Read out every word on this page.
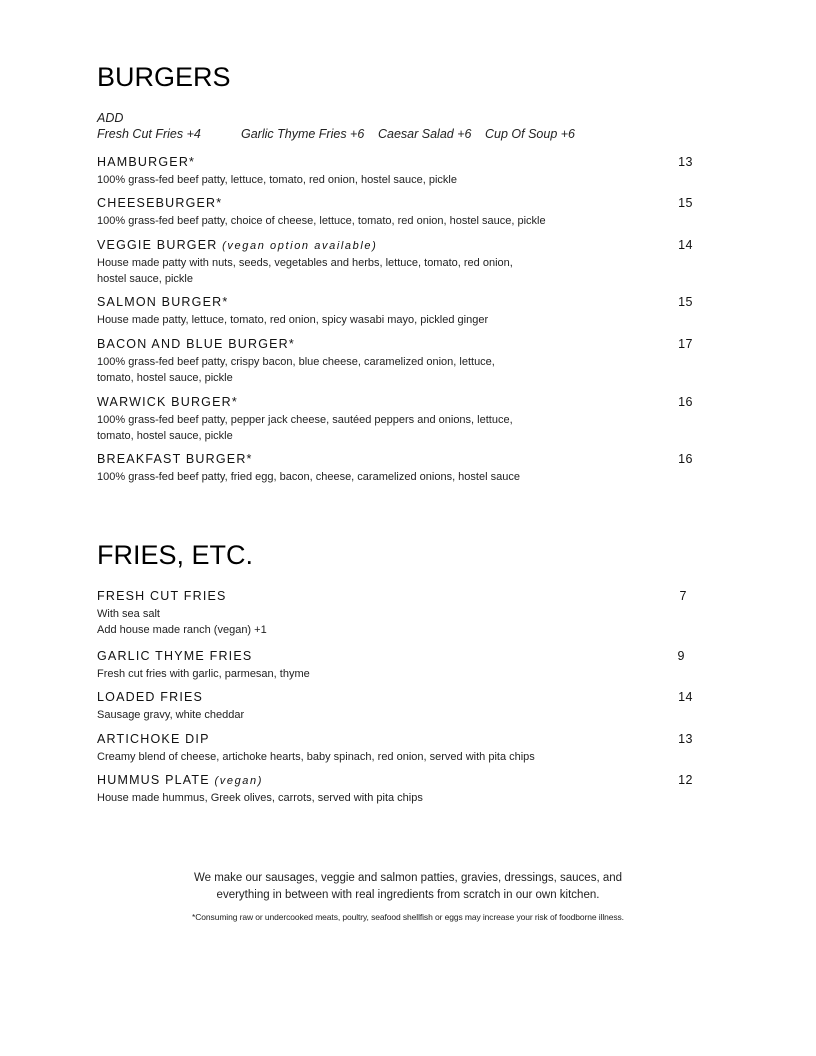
BURGERS
ADD
Fresh Cut Fries +4	Garlic Thyme Fries +6	Caesar Salad +6	Cup Of Soup +6
HAMBURGER*	13
100% grass-fed beef patty, lettuce, tomato, red onion, hostel sauce, pickle
CHEESEBURGER*	15
100% grass-fed beef patty, choice of cheese, lettuce, tomato, red onion, hostel sauce, pickle
VEGGIE BURGER (vegan option available)	14
House made patty with nuts, seeds, vegetables and herbs, lettuce, tomato, red onion,
hostel sauce, pickle
SALMON BURGER*	15
House made patty, lettuce, tomato, red onion, spicy wasabi mayo, pickled ginger
BACON AND BLUE BURGER*	17
100% grass-fed beef patty, crispy bacon, blue cheese, caramelized onion, lettuce,
tomato, hostel sauce, pickle
WARWICK BURGER*	16
100% grass-fed beef patty, pepper jack cheese, sautéed peppers and onions, lettuce,
tomato, hostel sauce, pickle
BREAKFAST BURGER*	16
100% grass-fed beef patty, fried egg, bacon, cheese, caramelized onions, hostel sauce
FRIES, ETC.
FRESH CUT FRIES	7
With sea salt
Add house made ranch (vegan) +1
GARLIC THYME FRIES	9
Fresh cut fries with garlic, parmesan, thyme
LOADED FRIES	14
Sausage gravy, white cheddar
ARTICHOKE DIP	13
Creamy blend of cheese, artichoke hearts, baby spinach, red onion, served with pita chips
HUMMUS PLATE (vegan)	12
House made hummus, Greek olives, carrots, served with pita chips
We make our sausages, veggie and salmon patties, gravies, dressings, sauces, and
everything in between with real ingredients from scratch in our own kitchen.
*Consuming raw or undercooked meats, poultry, seafood shellfish or eggs may increase your risk of foodborne illness.
